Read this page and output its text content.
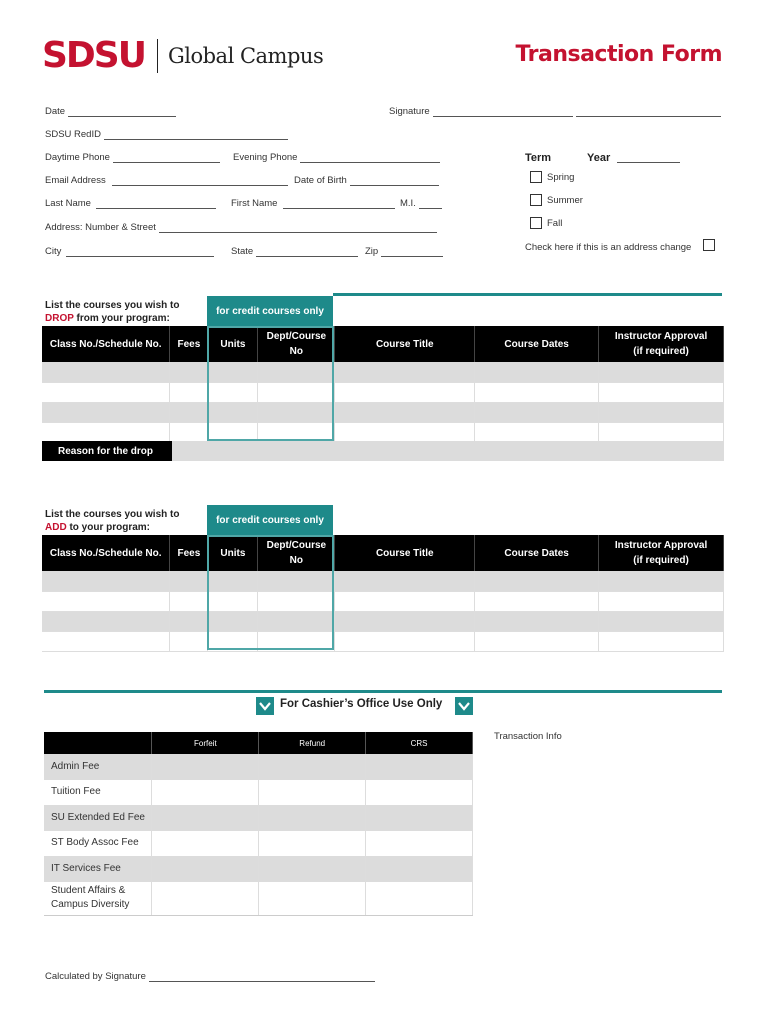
SDSU Global Campus	Transaction Form
Date	Signature
SDSU RedID
Daytime Phone	Evening Phone
Email Address	Date of Birth
Last Name	First Name	M.I.
Address: Number & Street
City	State	Zip
Term	Year
Spring
Summer
Fall
Check here if this is an address change
List the courses you wish to
DROP from your program:
for credit courses only
Class No./Schedule No.	Fees	Units	Dept/Course
No	Course Title	Course Dates	Instructor Approval
(if required)

Reason for the drop
List the courses you wish to
ADD to your program:
for credit courses only
Class No./Schedule No.	Fees	Units	Dept/Course
No	Course Title	Course Dates	Instructor Approval
(if required)

For Cashier’s Office Use Only
	Forfeit	Refund	CRS
Admin Fee			
Tuition Fee			
SU Extended Ed Fee			
ST Body Assoc Fee			
IT Services Fee			
Student Affairs &
Campus Diversity			
Transaction Info
Calculated by Signature
